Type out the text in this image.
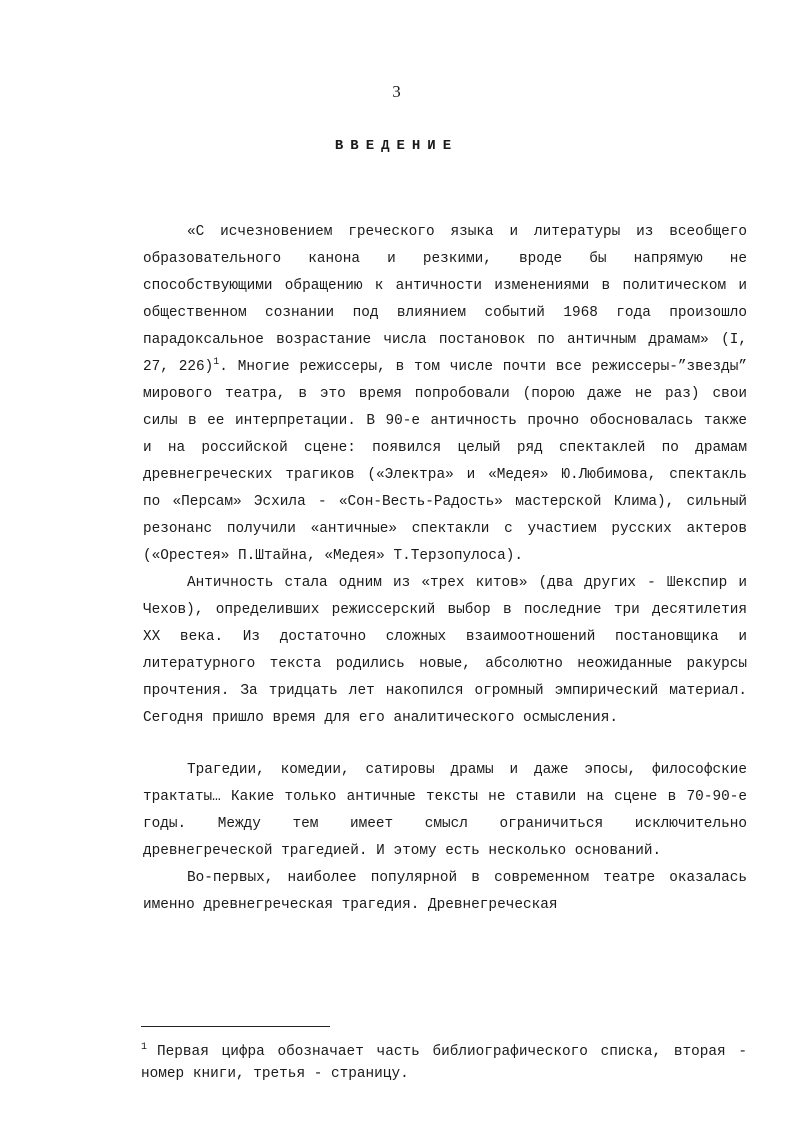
3
ВВЕДЕНИЕ

«С исчезновением греческого языка и литературы из всеобщего образовательного канона и резкими, вроде бы напрямую не способствующими обращению к античности изменениями в политическом и общественном сознании под влиянием событий 1968 года произошло парадоксальное возрастание числа постановок по античным драмам» (I, 27, 226)$^1$. Многие режиссеры, в том числе почти все режиссеры-”звезды” мирового театра, в это время попробовали (порою даже не раз) свои силы в ее интерпретации. В 90-е античность прочно обосновалась также и на российской сцене: появился целый ряд спектаклей по драмам древнегреческих трагиков («Электра» и «Медея» Ю.Любимова, спектакль по «Персам» Эсхила - «Сон-Весть-Радость» мастерской Клима), сильный резонанс получили «античные» спектакли с участием русских актеров («Орестея» П.Штайна, «Медея» Т.Терзопулоса).

Античность стала одним из «трех китов» (два других - Шекспир и Чехов), определивших режиссерский выбор в последние три десятилетия XX века. Из достаточно сложных взаимоотношений постановщика и литературного текста родились новые, абсолютно неожиданные ракурсы прочтения. За тридцать лет накопился огромный эмпирический материал. Сегодня пришло время для его аналитического осмысления.

Трагедии, комедии, сатировы драмы и даже эпосы, философские трактаты… Какие только античные тексты не ставили на сцене в 70-90-е годы. Между тем имеет смысл ограничиться исключительно древнегреческой трагедией. И этому есть несколько оснований.

Во-первых, наиболее популярной в современном театре оказалась именно древнегреческая трагедия. Древнегреческая

$^1$ Первая цифра обозначает часть библиографического списка, вторая - номер книги, третья - страницу.
